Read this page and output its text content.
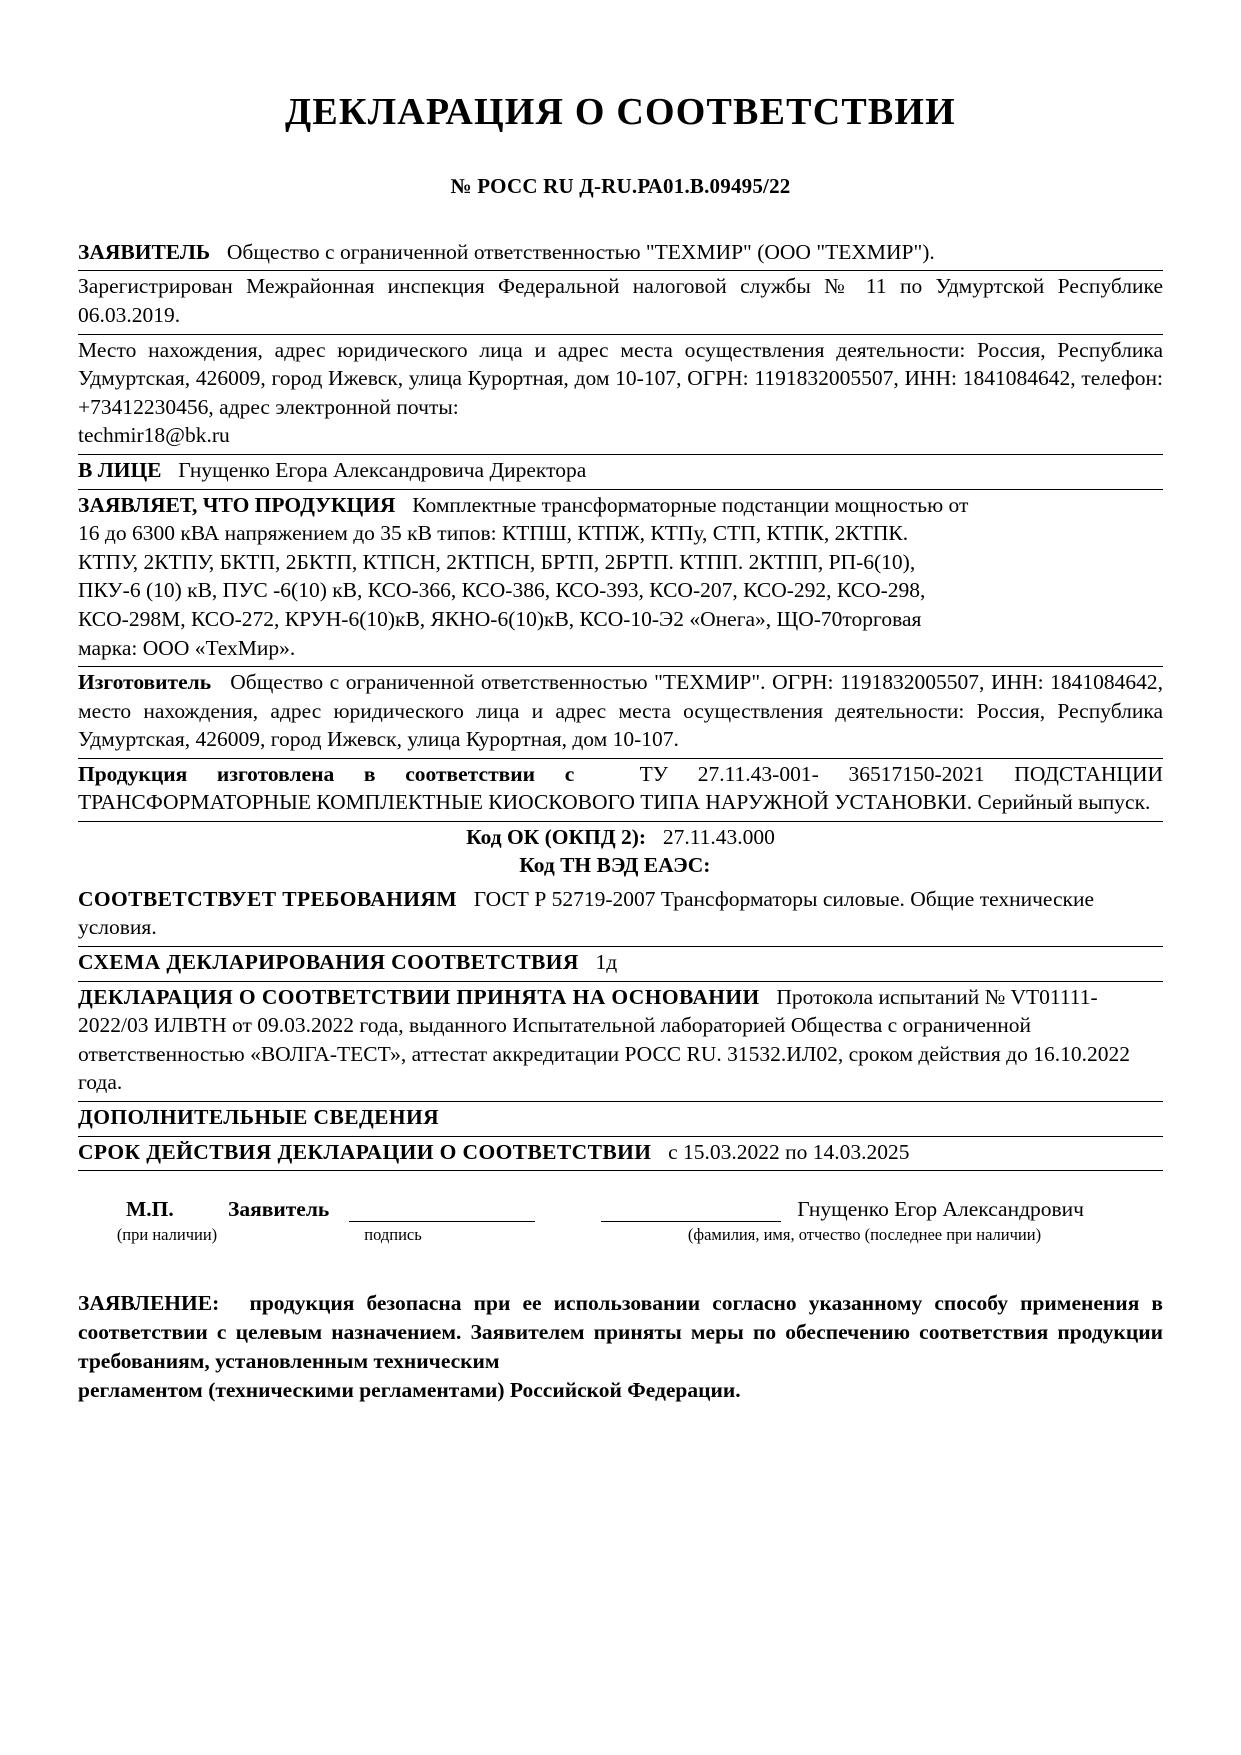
ДЕКЛАРАЦИЯ О СООТВЕТСТВИИ
№ РОСС RU Д-RU.РА01.В.09495/22

ЗАЯВИТЕЛЬ Общество с ограниченной ответственностью "ТЕХМИР" (ООО "ТЕХМИР").

Зарегистрирован Межрайонная инспекция Федеральной налоговой службы № 11 по Удмуртской Республике 06.03.2019.

Место нахождения, адрес юридического лица и адрес места осуществления деятельности: Россия, Республика Удмуртская, 426009, город Ижевск, улица Курортная, дом 10-107, ОГРН: 1191832005507, ИНН: 1841084642, телефон: +73412230456, адрес электронной почты:

techmir18@bk.ru

В ЛИЦЕ Гнущенко Егора Александровича Директора

ЗАЯВЛЯЕТ, ЧТО ПРОДУКЦИЯ Комплектные трансформаторные подстанции мощностью от

16 до 6300 кВА напряжением до 35 кВ типов: КТПШ, КТПЖ, КТПу, СТП, КТПК, 2КТПК.

КТПУ, 2КТПУ, БКТП, 2БКТП, КТПСН, 2КТПСН, БРТП, 2БРТП. КТПП. 2КТПП, РП-6(10),

ПКУ-6 (10) кВ, ПУС -6(10) кВ, КСО-366, КСО-386, КСО-393, КСО-207, КСО-292, КСО-298,

КСО-298М, КСО-272, КРУН-6(10)кВ, ЯКНО-6(10)кВ, КСО-10-Э2 «Онега», ЩО-70торговая

марка: ООО «ТехМир».

Изготовитель Общество с ограниченной ответственностью "ТЕХМИР". ОГРН: 1191832005507, ИНН: 1841084642, место нахождения, адрес юридического лица и адрес места осуществления деятельности: Россия, Республика Удмуртская, 426009, город Ижевск, улица Курортная, дом 10-107.

Продукция изготовлена в соответствии с	ТУ 27.11.43-001- 36517150-2021 ПОДСТАНЦИИ ТРАНСФОРМАТОРНЫЕ КОМПЛЕКТНЫЕ КИОСКОВОГО ТИПА НАРУЖНОЙ УСТАНОВКИ. Серийный выпуск.

Код ОК (ОКПД 2): 27.11.43.000

Код ТН ВЭД ЕАЭС:

СООТВЕТСТВУЕТ ТРЕБОВАНИЯМ ГОСТ Р 52719-2007 Трансформаторы силовые. Общие технические условия.

СХЕМА ДЕКЛАРИРОВАНИЯ СООТВЕТСТВИЯ 1д

ДЕКЛАРАЦИЯ О СООТВЕТСТВИИ ПРИНЯТА НА ОСНОВАНИИ Протокола испытаний № VT01111-2022/03 ИЛВТН от 09.03.2022 года, выданного Испытательной лабораторией Общества с ограниченной ответственностью «ВОЛГА-ТЕСТ», аттестат аккредитации РОСС RU. 31532.ИЛ02, сроком действия до 16.10.2022 года.

ДОПОЛНИТЕЛЬНЫЕ СВЕДЕНИЯ

СРОК ДЕЙСТВИЯ ДЕКЛАРАЦИИ О СООТВЕТСТВИИ с 15.03.2022 по 14.03.2025

М.П.	Заявитель	Гнущенко Егор Александрович
(при наличии)	подпись	(фамилия, имя, отчество (последнее при наличии)
ЗАЯВЛЕНИЕ: продукция безопасна при ее использовании согласно указанному способу применения в соответствии с целевым назначением. Заявителем приняты меры по обеспечению соответствия продукции требованиям, установленным техническим
регламентом (техническими регламентами) Российской Федерации.
